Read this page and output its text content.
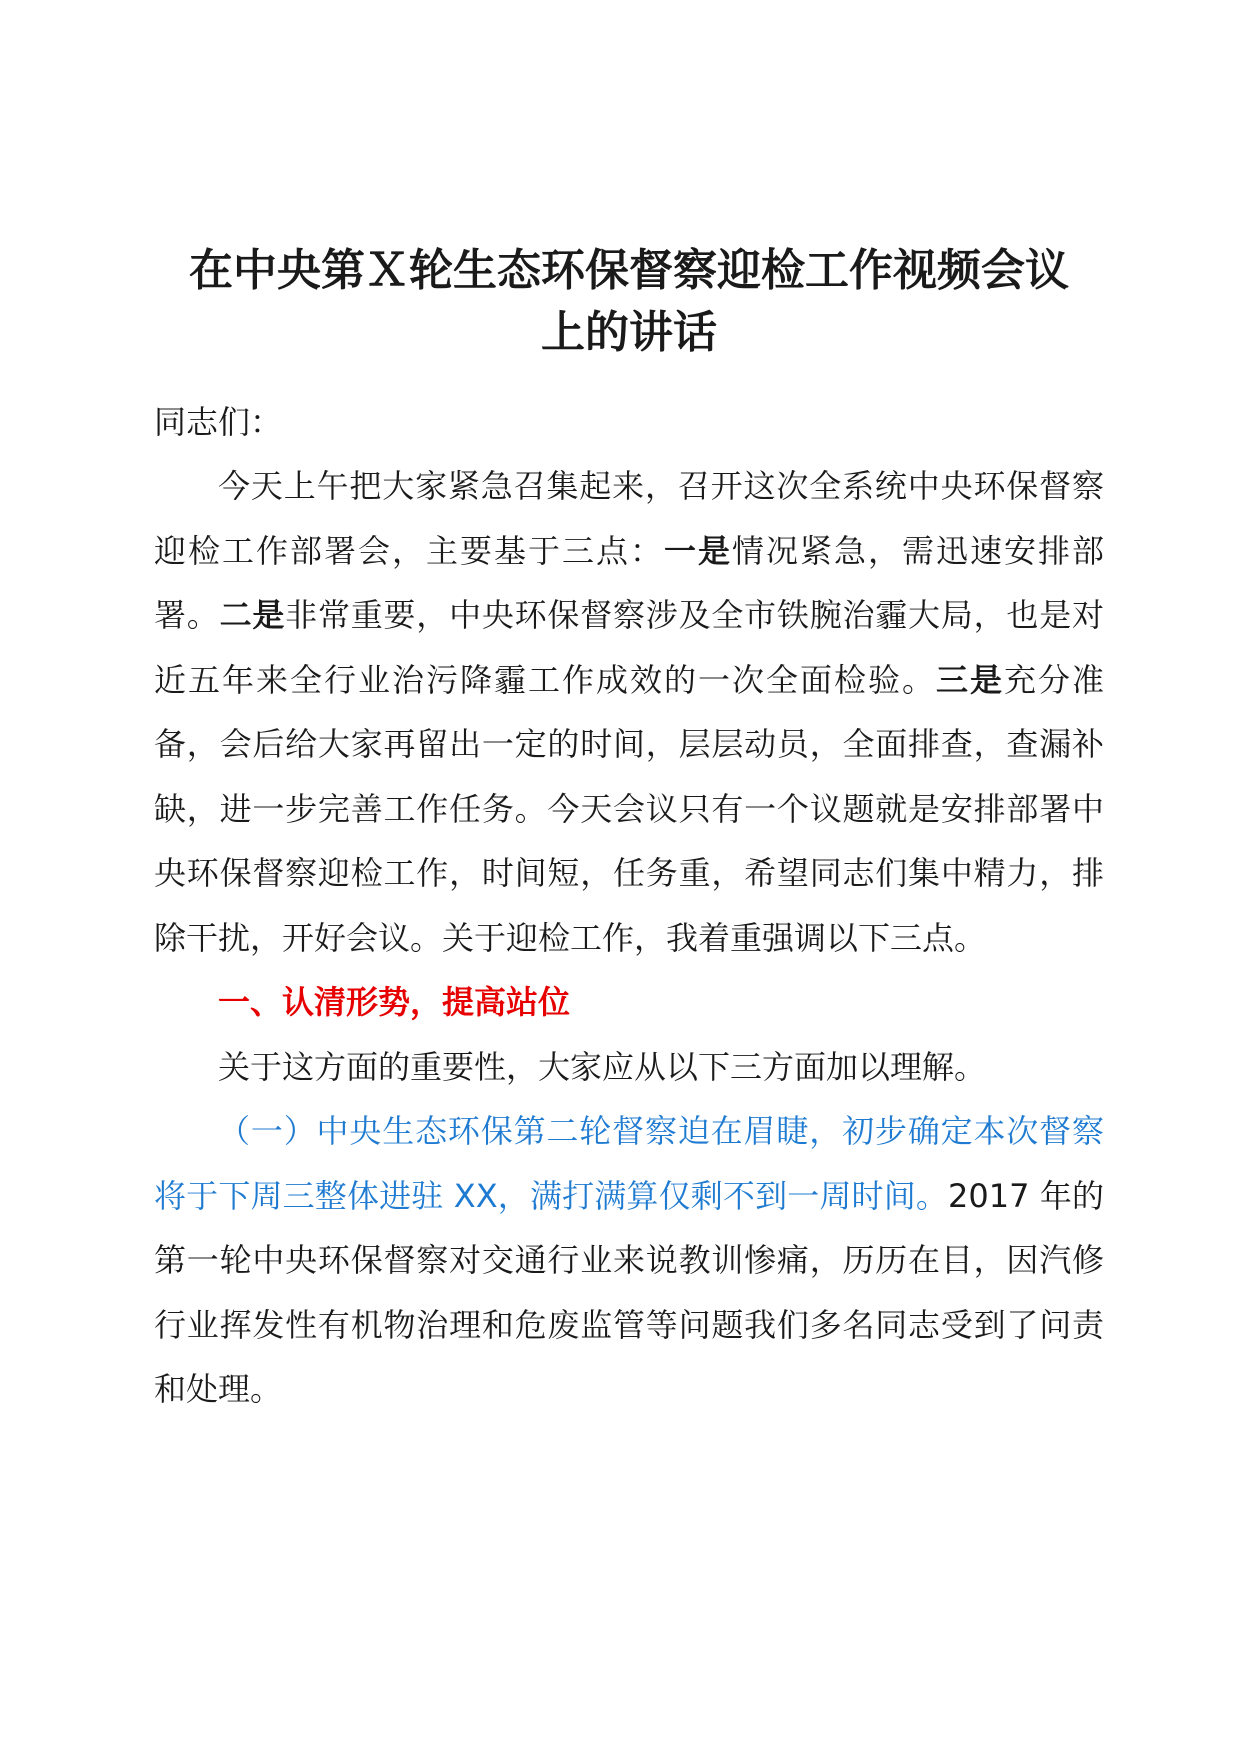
在中央第Ｘ轮生态环保督察迎检工作视频会议
上的讲话

同志们：

今天上午把大家紧急召集起来，召开这次全系统中央环保督察迎检工作部署会，主要基于三点：一是情况紧急，需迅速安排部署。二是非常重要，中央环保督察涉及全市铁腕治霾大局，也是对近五年来全行业治污降霾工作成效的一次全面检验。三是充分准备，会后给大家再留出一定的时间，层层动员，全面排查，查漏补缺，进一步完善工作任务。今天会议只有一个议题就是安排部署中央环保督察迎检工作，时间短，任务重，希望同志们集中精力，排除干扰，开好会议。关于迎检工作，我着重强调以下三点。

一、认清形势，提高站位

关于这方面的重要性，大家应从以下三方面加以理解。

（一）中央生态环保第二轮督察迫在眉睫，初步确定本次督察将于下周三整体进驻 XX，满打满算仅剩不到一周时间。2017 年的第一轮中央环保督察对交通行业来说教训惨痛，历历在目，因汽修行业挥发性有机物治理和危废监管等问题我们多名同志受到了问责和处理。
